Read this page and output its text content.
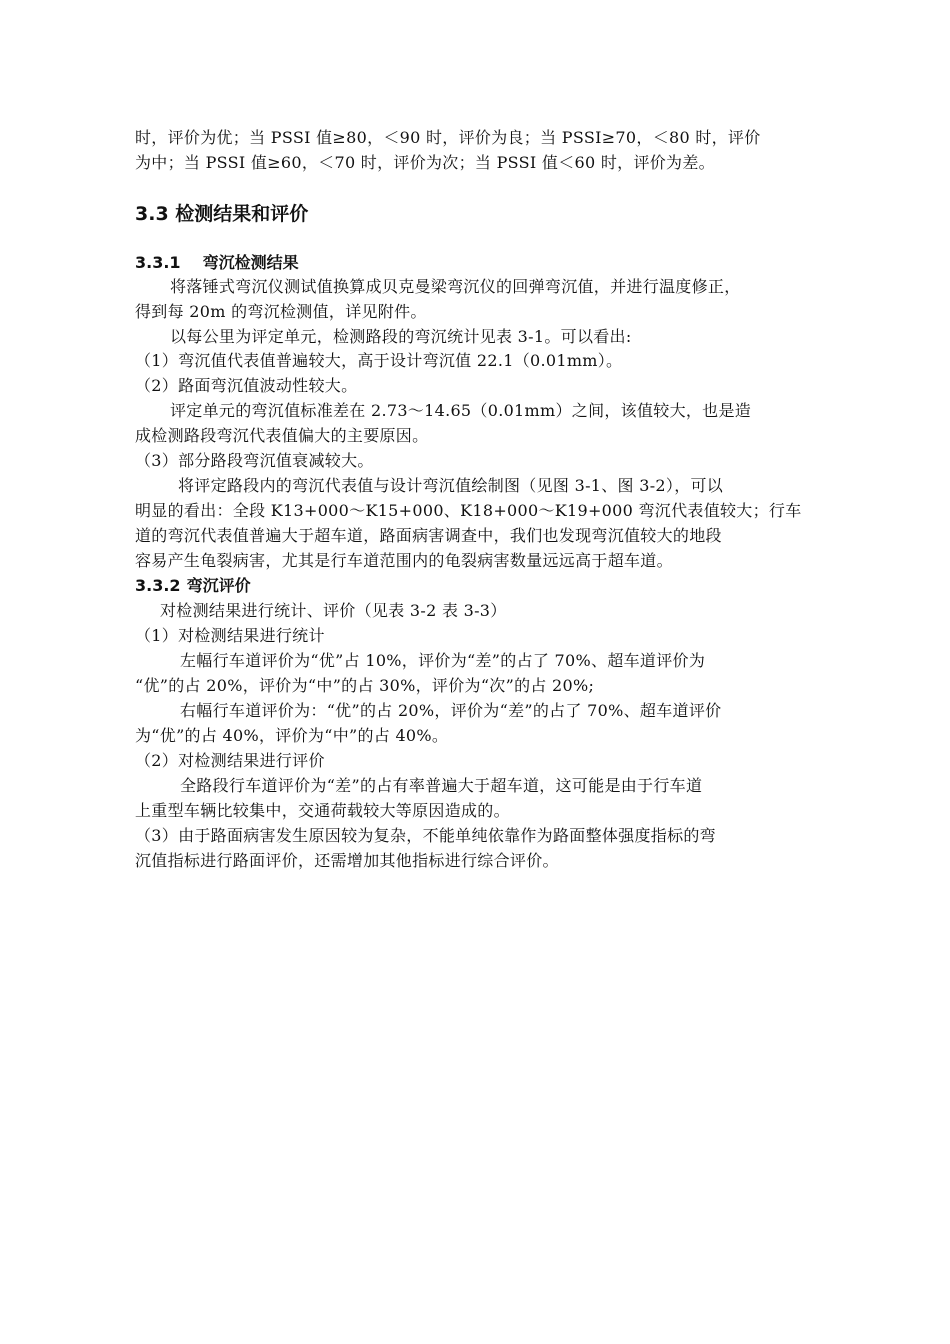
时，评价为优；当 PSSI 值≥80，＜90 时，评价为良；当 PSSI≥70，＜80 时，评价
为中；当 PSSI 值≥60，＜70 时，评价为次；当 PSSI 值＜60 时，评价为差。
3.3 检测结果和评价
3.3.1 弯沉检测结果
将落锤式弯沉仪测试值换算成贝克曼梁弯沉仪的回弹弯沉值，并进行温度修正，
得到每 20m 的弯沉检测值，详见附件。
以每公里为评定单元，检测路段的弯沉统计见表 3-1。可以看出:
（1）弯沉值代表值普遍较大，高于设计弯沉值 22.1（0.01mm）。
（2）路面弯沉值波动性较大。
评定单元的弯沉值标准差在 2.73～14.65（0.01mm）之间，该值较大，也是造
成检测路段弯沉代表值偏大的主要原因。
（3）部分路段弯沉值衰减较大。
将评定路段内的弯沉代表值与设计弯沉值绘制图（见图 3-1、图 3-2），可以
明显的看出：全段 K13+000～K15+000、K18+000～K19+000 弯沉代表值较大；行车
道的弯沉代表值普遍大于超车道，路面病害调查中，我们也发现弯沉值较大的地段
容易产生龟裂病害，尤其是行车道范围内的龟裂病害数量远远高于超车道。
3.3.2 弯沉评价
对检测结果进行统计、评价（见表 3-2 表 3-3）
（1）对检测结果进行统计
左幅行车道评价为“优”占 10%，评价为“差”的占了 70%、超车道评价为
“优”的占 20%，评价为“中”的占 30%，评价为“次”的占 20%;
右幅行车道评价为：“优”的占 20%，评价为“差”的占了 70%、超车道评价
为“优”的占 40%，评价为“中”的占 40%。
（2）对检测结果进行评价
全路段行车道评价为“差”的占有率普遍大于超车道，这可能是由于行车道
上重型车辆比较集中，交通荷载较大等原因造成的。
（3）由于路面病害发生原因较为复杂，不能单纯依靠作为路面整体强度指标的弯
沉值指标进行路面评价，还需增加其他指标进行综合评价。
